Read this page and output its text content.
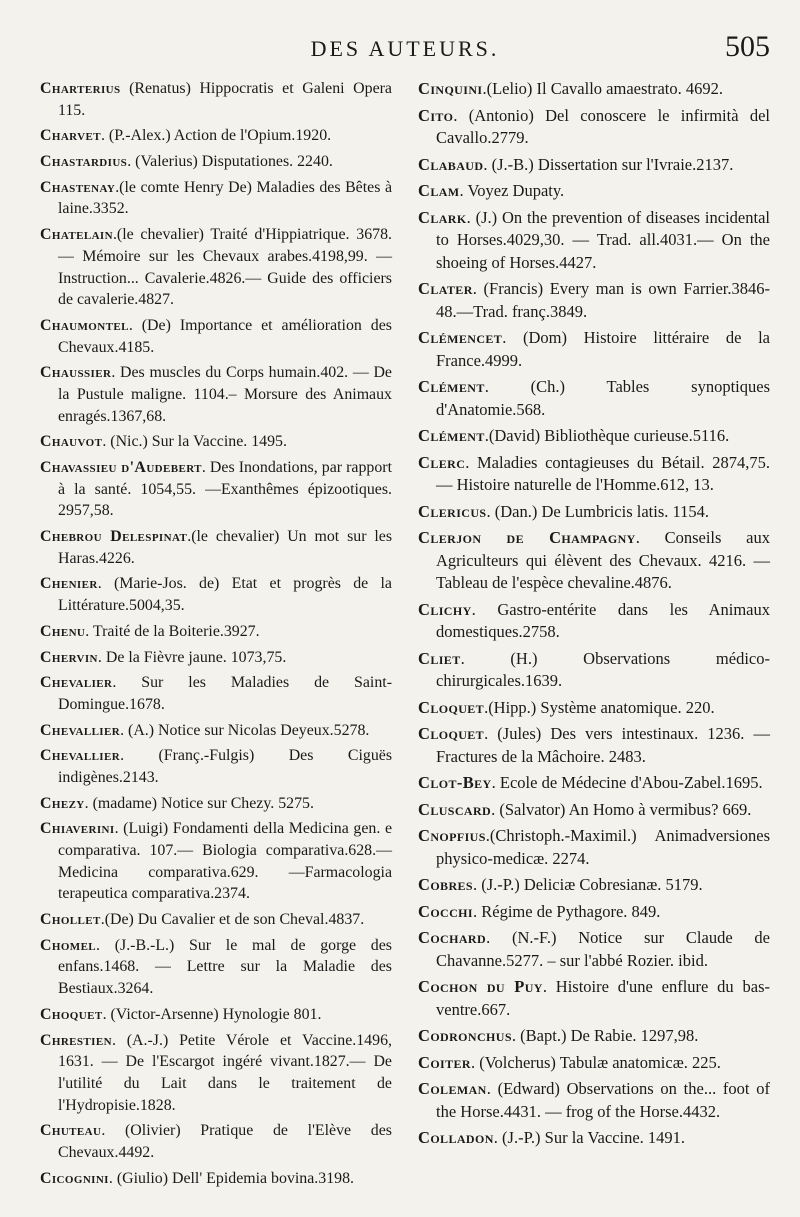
DES AUTEURS.	505

Charterius (Renatus) Hippocratis et Galeni Opera 115.

Charvet. (P.-Alex.) Action de l'Opium.1920.

Chastardius. (Valerius) Disputationes. 2240.

Chastenay.(le comte Henry De) Maladies des Bêtes à laine.3352.

Chatelain.(le chevalier) Traité d'Hippiatrique. 3678. — Mémoire sur les Chevaux arabes.4198,99. — Instruction... Cavalerie.4826.— Guide des officiers de cavalerie.4827.

Chaumontel. (De) Importance et amélioration des Chevaux.4185.

Chaussier. Des muscles du Corps humain.402. — De la Pustule maligne. 1104.– Morsure des Animaux enragés.1367,68.

Chauvot. (Nic.) Sur la Vaccine. 1495.

Chavassieu d'Audebert. Des Inondations, par rapport à la santé. 1054,55. —Exanthêmes épizootiques. 2957,58.

Chebrou Delespinat.(le chevalier) Un mot sur les Haras.4226.

Chenier. (Marie-Jos. de) Etat et progrès de la Littérature.5004,35.

Chenu. Traité de la Boiterie.3927.

Chervin. De la Fièvre jaune. 1073,75.

Chevalier. Sur les Maladies de Saint-Domingue.1678.

Chevallier. (A.) Notice sur Nicolas Deyeux.5278.

Chevallier. (Franç.-Fulgis) Des Ciguës indigènes.2143.

Chezy. (madame) Notice sur Chezy. 5275.

Chiaverini. (Luigi) Fondamenti della Medicina gen. e comparativa. 107.— Biologia comparativa.628.—Medicina comparativa.629. —Farmacologia terapeutica comparativa.2374.

Chollet.(De) Du Cavalier et de son Cheval.4837.

Chomel. (J.-B.-L.) Sur le mal de gorge des enfans.1468. — Lettre sur la Maladie des Bestiaux.3264.

Choquet. (Victor-Arsenne) Hynologie 801.

Chrestien. (A.-J.) Petite Vérole et Vaccine.1496, 1631. — De l'Escargot ingéré vivant.1827.— De l'utilité du Lait dans le traitement de l'Hydropisie.1828.

Chuteau. (Olivier) Pratique de l'Elève des Chevaux.4492.

Cicognini. (Giulio) Dell' Epidemia bovina.3198.

Cinquini.(Lelio) Il Cavallo amaestrato. 4692.

Cito. (Antonio) Del conoscere le infirmità del Cavallo.2779.

Clabaud. (J.-B.) Dissertation sur l'Ivraie.2137.

Clam. Voyez Dupaty.

Clark. (J.) On the prevention of diseases incidental to Horses.4029,30. — Trad. all.4031.— On the shoeing of Horses.4427.

Clater. (Francis) Every man is own Farrier.3846-48.—Trad. franç.3849.

Clémencet. (Dom) Histoire littéraire de la France.4999.

Clément. (Ch.) Tables synoptiques d'Anatomie.568.

Clément.(David) Bibliothèque curieuse.5116.

Clerc. Maladies contagieuses du Bétail. 2874,75. — Histoire naturelle de l'Homme.612, 13.

Clericus. (Dan.) De Lumbricis latis. 1154.

Clerjon de Champagny. Conseils aux Agriculteurs qui élèvent des Chevaux. 4216. — Tableau de l'espèce chevaline.4876.

Clichy. Gastro-entérite dans les Animaux domestiques.2758.

Cliet. (H.) Observations médico-chirurgicales.1639.

Cloquet.(Hipp.) Système anatomique. 220.

Cloquet. (Jules) Des vers intestinaux. 1236. — Fractures de la Mâchoire. 2483.

Clot-Bey. Ecole de Médecine d'Abou-Zabel.1695.

Cluscard. (Salvator) An Homo à vermibus? 669.

Cnopfius.(Christoph.-Maximil.) Animadversiones physico-medicæ. 2274.

Cobres. (J.-P.) Deliciæ Cobresianæ. 5179.

Cocchi. Régime de Pythagore. 849.

Cochard. (N.-F.) Notice sur Claude de Chavanne.5277. – sur l'abbé Rozier. ibid.

Cochon du Puy. Histoire d'une enflure du bas-ventre.667.

Codronchus. (Bapt.) De Rabie. 1297,98.

Coiter. (Volcherus) Tabulæ anatomicæ. 225.

Coleman. (Edward) Observations on the... foot of the Horse.4431. — frog of the Horse.4432.

Colladon. (J.-P.) Sur la Vaccine. 1491.
